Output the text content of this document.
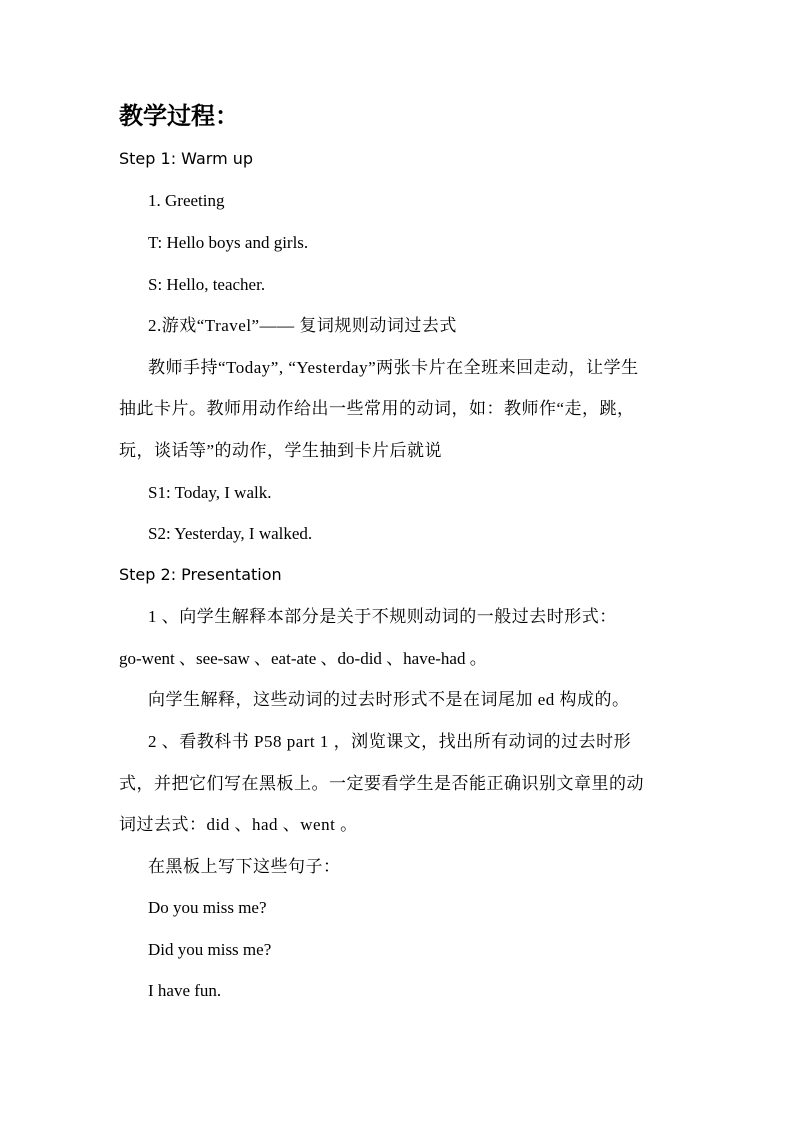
教学过程：
Step 1: Warm up
1. Greeting
T: Hello boys and girls.
S: Hello, teacher.
2.游戏“Travel”—— 复词规则动词过去式
教师手持“Today”, “Yesterday”两张卡片在全班来回走动，让学生
抽此卡片。教师用动作给出一些常用的动词，如：教师作“走，跳，
玩，谈话等”的动作，学生抽到卡片后就说
S1: Today, I walk.
S2: Yesterday, I walked.
Step 2: Presentation
1 、向学生解释本部分是关于不规则动词的一般过去时形式：
go-went 、see-saw 、eat-ate 、do-did 、have-had 。
向学生解释，这些动词的过去时形式不是在词尾加 ed 构成的。
2 、看教科书 P58 part 1 ，浏览课文，找出所有动词的过去时形
式，并把它们写在黑板上。一定要看学生是否能正确识别文章里的动
词过去式：did 、had 、went 。
在黑板上写下这些句子：
Do you miss me?
Did you miss me?
I have fun.
